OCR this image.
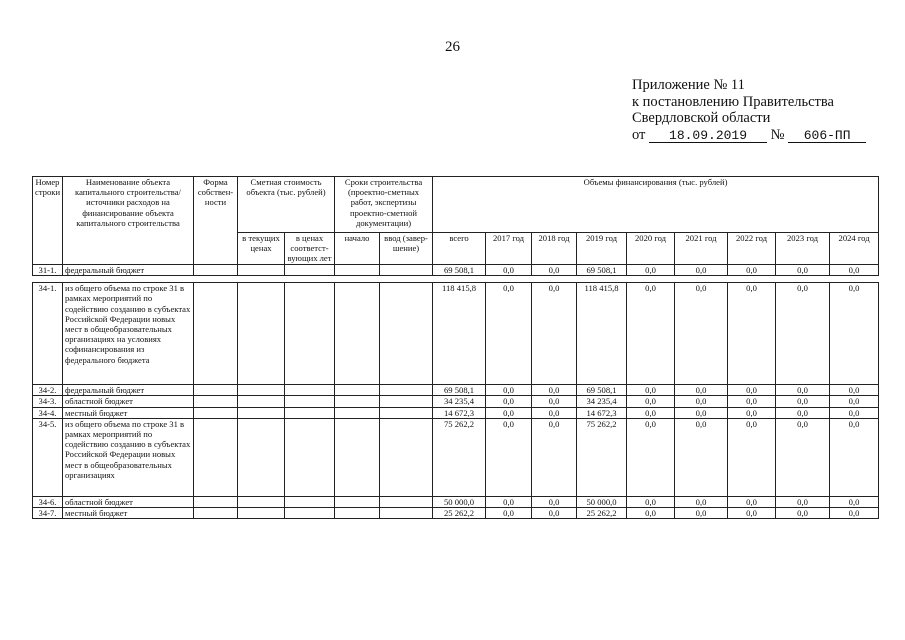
26
Приложение № 11
к постановлению Правительства
Свердловской области
от 18.09.2019 № 606-ПП
Номер строки	Наименование объекта капитального строительства/ источники расходов на финансирование объекта капитального строительства	Форма собствен-ности	Сметная стоимость объекта (тыс. рублей)		Сроки строительства (проектно-сметных работ, экспертизы проектно-сметной документации)		Объемы финансирования (тыс. рублей)								
			в текущих ценах	в ценах соответст-вующих лет	начало	ввод (завер-шение)	всего	2017 год	2018 год	2019 год	2020 год	2021 год	2022 год	2023 год	2024 год
31-1.	федеральный бюджет						69 508,1	0,0	0,0	69 508,1	0,0	0,0	0,0	0,0	0,0

34-1.	из общего объема по строке 31 в рамках мероприятий по содействию созданию в субъектах Российской Федерации новых мест в общеобразовательных организациях на условиях софинансирования из федерального бюджета						118 415,8	0,0	0,0	118 415,8	0,0	0,0	0,0	0,0	0,0
34-2.	федеральный бюджет						69 508,1	0,0	0,0	69 508,1	0,0	0,0	0,0	0,0	0,0
34-3.	областной бюджет						34 235,4	0,0	0,0	34 235,4	0,0	0,0	0,0	0,0	0,0
34-4.	местный бюджет						14 672,3	0,0	0,0	14 672,3	0,0	0,0	0,0	0,0	0,0
34-5.	из общего объема по строке 31 в рамках мероприятий по содействию созданию в субъектах Российской Федерации новых мест в общеобразовательных организациях						75 262,2	0,0	0,0	75 262,2	0,0	0,0	0,0	0,0	0,0
34-6.	областной бюджет						50 000,0	0,0	0,0	50 000,0	0,0	0,0	0,0	0,0	0,0
34-7.	местный бюджет						25 262,2	0,0	0,0	25 262,2	0,0	0,0	0,0	0,0	0,0
